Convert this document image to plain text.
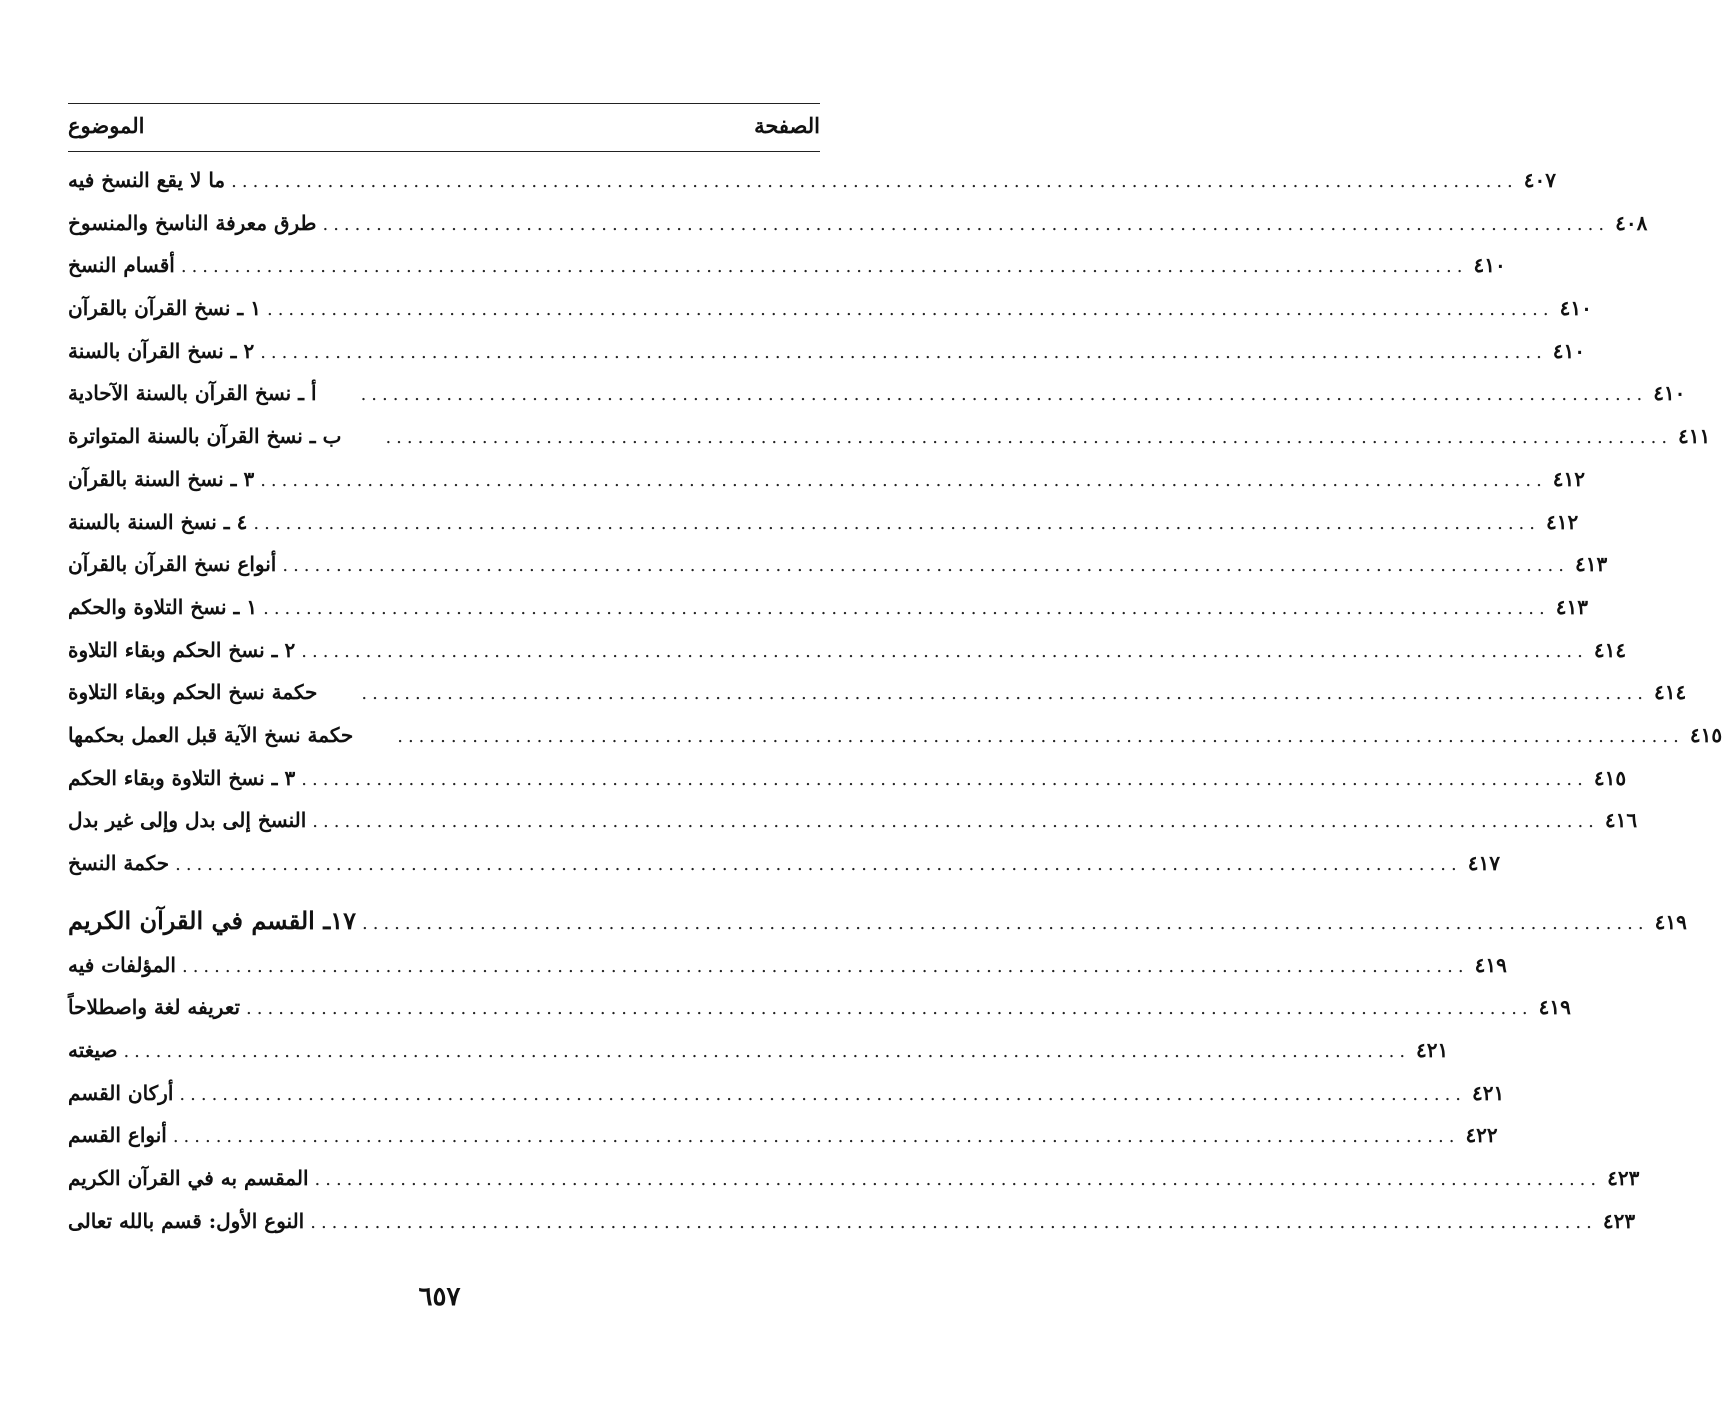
الموضوع	الصفحة
ما لا يقع النسخ فيه ........................................................................................................................ ٤٠٧
طرق معرفة الناسخ والمنسوخ ........................................................................................................................ ٤٠٨
أقسام النسخ ........................................................................................................................ ٤١٠
١ ـ نسخ القرآن بالقرآن ........................................................................................................................ ٤١٠
٢ ـ نسخ القرآن بالسنة ........................................................................................................................ ٤١٠
أ ـ نسخ القرآن بالسنة الآحادية ........................................................................................................................ ٤١٠
ب ـ نسخ القرآن بالسنة المتواترة ........................................................................................................................ ٤١١
٣ ـ نسخ السنة بالقرآن ........................................................................................................................ ٤١٢
٤ ـ نسخ السنة بالسنة ........................................................................................................................ ٤١٢
أنواع نسخ القرآن بالقرآن ........................................................................................................................ ٤١٣
١ ـ نسخ التلاوة والحكم ........................................................................................................................ ٤١٣
٢ ـ نسخ الحكم وبقاء التلاوة ........................................................................................................................ ٤١٤
حكمة نسخ الحكم وبقاء التلاوة ........................................................................................................................ ٤١٤
حكمة نسخ الآية قبل العمل بحكمها ........................................................................................................................ ٤١٥
٣ ـ نسخ التلاوة وبقاء الحكم ........................................................................................................................ ٤١٥
النسخ إلى بدل وإلى غير بدل ........................................................................................................................ ٤١٦
حكمة النسخ ........................................................................................................................ ٤١٧
١٧ـ القسم في القرآن الكريم ........................................................................................................................ ٤١٩
المؤلفات فيه ........................................................................................................................ ٤١٩
تعريفه لغة واصطلاحاً ........................................................................................................................ ٤١٩
صيغته ........................................................................................................................ ٤٢١
أركان القسم ........................................................................................................................ ٤٢١
أنواع القسم ........................................................................................................................ ٤٢٢
المقسم به في القرآن الكريم ........................................................................................................................ ٤٢٣
النوع الأول: قسم بالله تعالى ........................................................................................................................ ٤٢٣
٦٥٧
